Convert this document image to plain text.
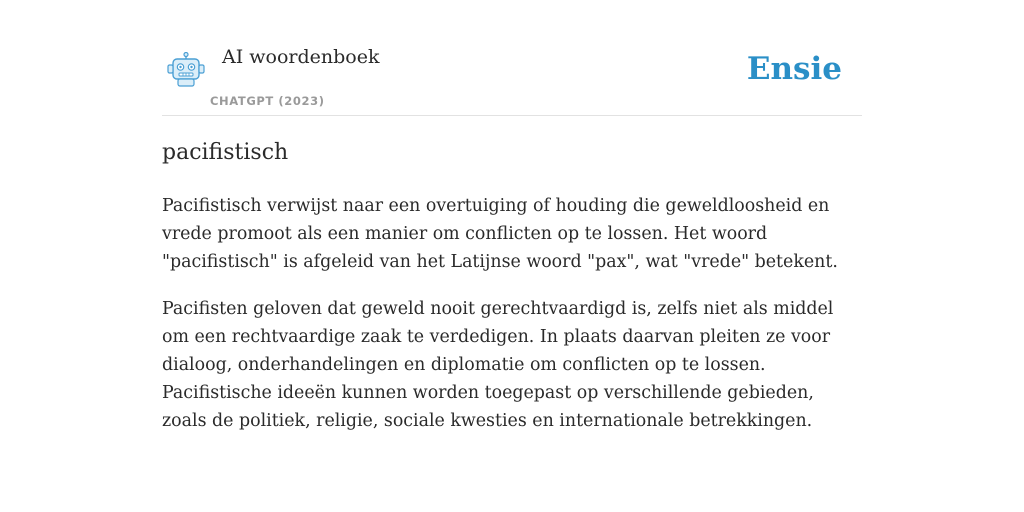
AI woordenboek
CHATGPT (2023)
Ensie
pacifistisch

Pacifistisch verwijst naar een overtuiging of houding die geweldloosheid en vrede promoot als een manier om conflicten op te lossen. Het woord "pacifistisch" is afgeleid van het Latijnse woord "pax", wat "vrede" betekent.

Pacifisten geloven dat geweld nooit gerechtvaardigd is, zelfs niet als middel om een rechtvaardige zaak te verdedigen. In plaats daarvan pleiten ze voor dialoog, onderhandelingen en diplomatie om conflicten op te lossen. Pacifistische ideeën kunnen worden toegepast op verschillende gebieden, zoals de politiek, religie, sociale kwesties en internationale betrekkingen.
